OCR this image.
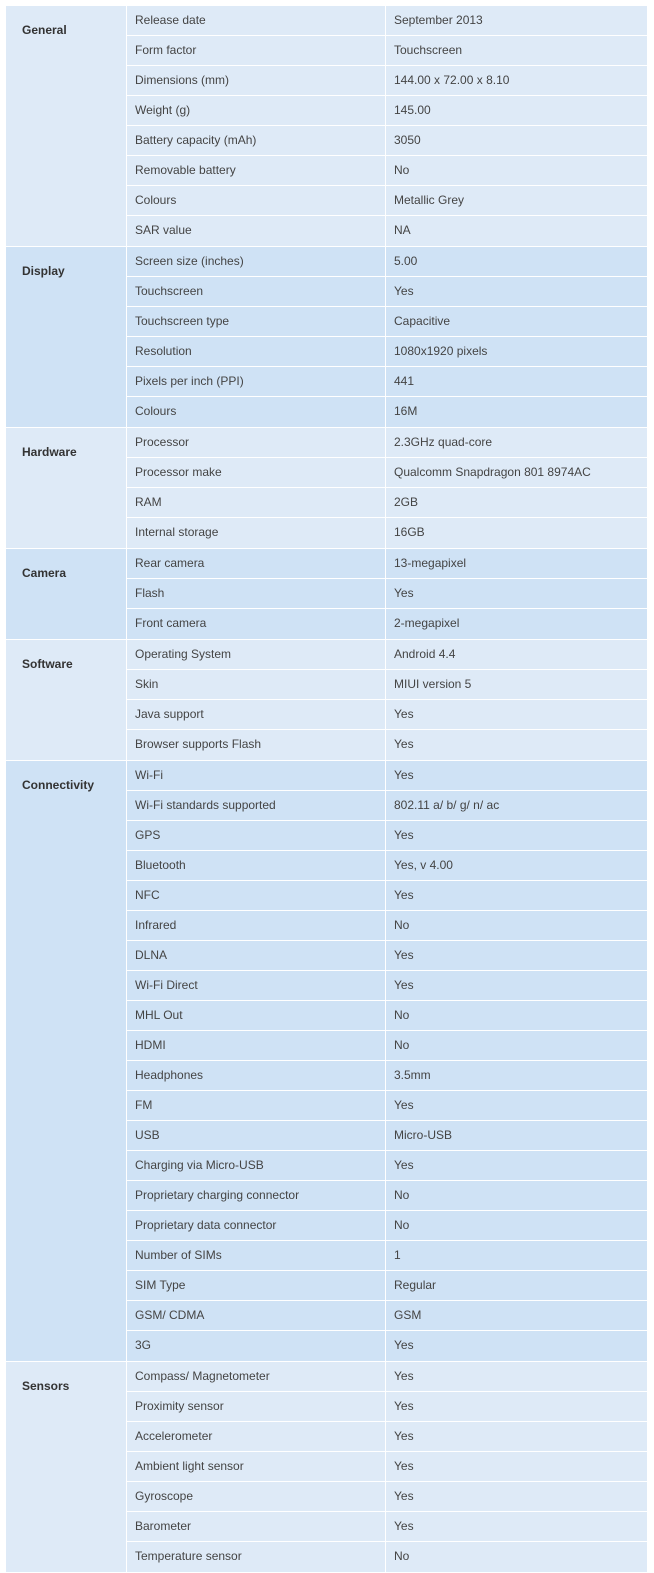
General
Release date	September 2013
Form factor	Touchscreen
Dimensions (mm)	144.00 x 72.00 x 8.10
Weight (g)	145.00
Battery capacity (mAh)	3050
Removable battery	No
Colours	Metallic Grey
SAR value	NA
Display
Screen size (inches)	5.00
Touchscreen	Yes
Touchscreen type	Capacitive
Resolution	1080x1920 pixels
Pixels per inch (PPI)	441
Colours	16M
Hardware
Processor	2.3GHz quad-core
Processor make	Qualcomm Snapdragon 801 8974AC
RAM	2GB
Internal storage	16GB
Camera
Rear camera	13-megapixel
Flash	Yes
Front camera	2-megapixel
Software
Operating System	Android 4.4
Skin	MIUI version 5
Java support	Yes
Browser supports Flash	Yes
Connectivity
Wi-Fi	Yes
Wi-Fi standards supported	802.11 a/ b/ g/ n/ ac
GPS	Yes
Bluetooth	Yes, v 4.00
NFC	Yes
Infrared	No
DLNA	Yes
Wi-Fi Direct	Yes
MHL Out	No
HDMI	No
Headphones	3.5mm
FM	Yes
USB	Micro-USB
Charging via Micro-USB	Yes
Proprietary charging connector	No
Proprietary data connector	No
Number of SIMs	1
SIM Type	Regular
GSM/ CDMA	GSM
3G	Yes
Sensors
Compass/ Magnetometer	Yes
Proximity sensor	Yes
Accelerometer	Yes
Ambient light sensor	Yes
Gyroscope	Yes
Barometer	Yes
Temperature sensor	No
